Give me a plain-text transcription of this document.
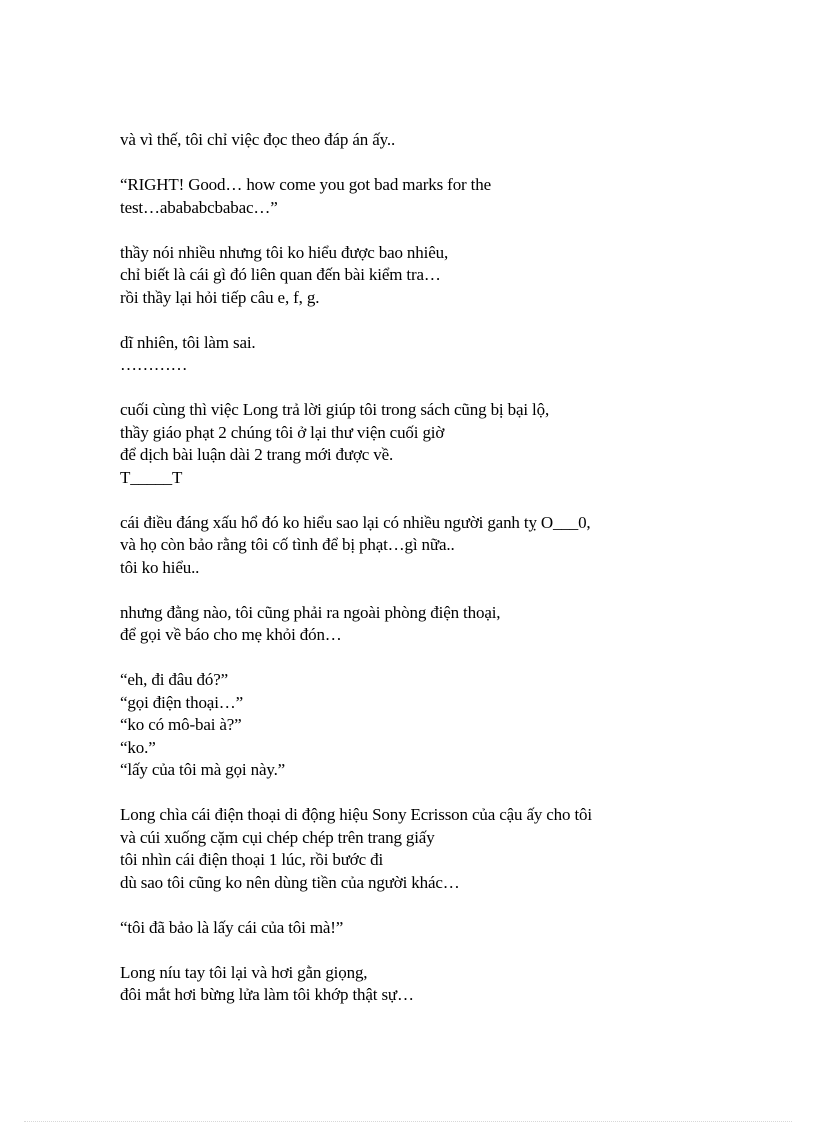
và vì thế, tôi chỉ việc đọc theo đáp án ấy..
“RIGHT! Good… how come you got bad marks for the
test…abababcbabac…”
thầy nói nhiều nhưng tôi ko hiểu được bao nhiêu,
chỉ biết là cái gì đó liên quan đến bài kiểm tra…
rồi thầy lại hỏi tiếp câu e, f, g.
dĩ nhiên, tôi làm sai.
…………
cuối cùng thì việc Long trả lời giúp tôi trong sách cũng bị bại lộ,
thầy giáo phạt 2 chúng tôi ở lại thư viện cuối giờ
để dịch bài luận dài 2 trang mới được về.
T_____T
cái điều đáng xấu hổ đó ko hiểu sao lại có nhiều người ganh tỵ O___0,
và họ còn bảo rằng tôi cố tình để bị phạt…gì nữa..
tôi ko hiểu..
nhưng đằng nào, tôi cũng phải ra ngoài phòng điện thoại,
để gọi về báo cho mẹ khỏi đón…
“eh, đi đâu đó?”
“gọi điện thoại…”
“ko có mô-bai à?”
“ko.”
“lấy của tôi mà gọi này.”
Long chìa cái điện thoại di động hiệu Sony Ecrisson của cậu ấy cho tôi
và cúi xuống cặm cụi chép chép trên trang giấy
tôi nhìn cái điện thoại 1 lúc, rồi bước đi
dù sao tôi cũng ko nên dùng tiền của người khác…
“tôi đã bảo là lấy cái của tôi mà!”
Long níu tay tôi lại và hơi gằn giọng,
đôi mắt hơi bừng lửa làm tôi khớp thật sự…
